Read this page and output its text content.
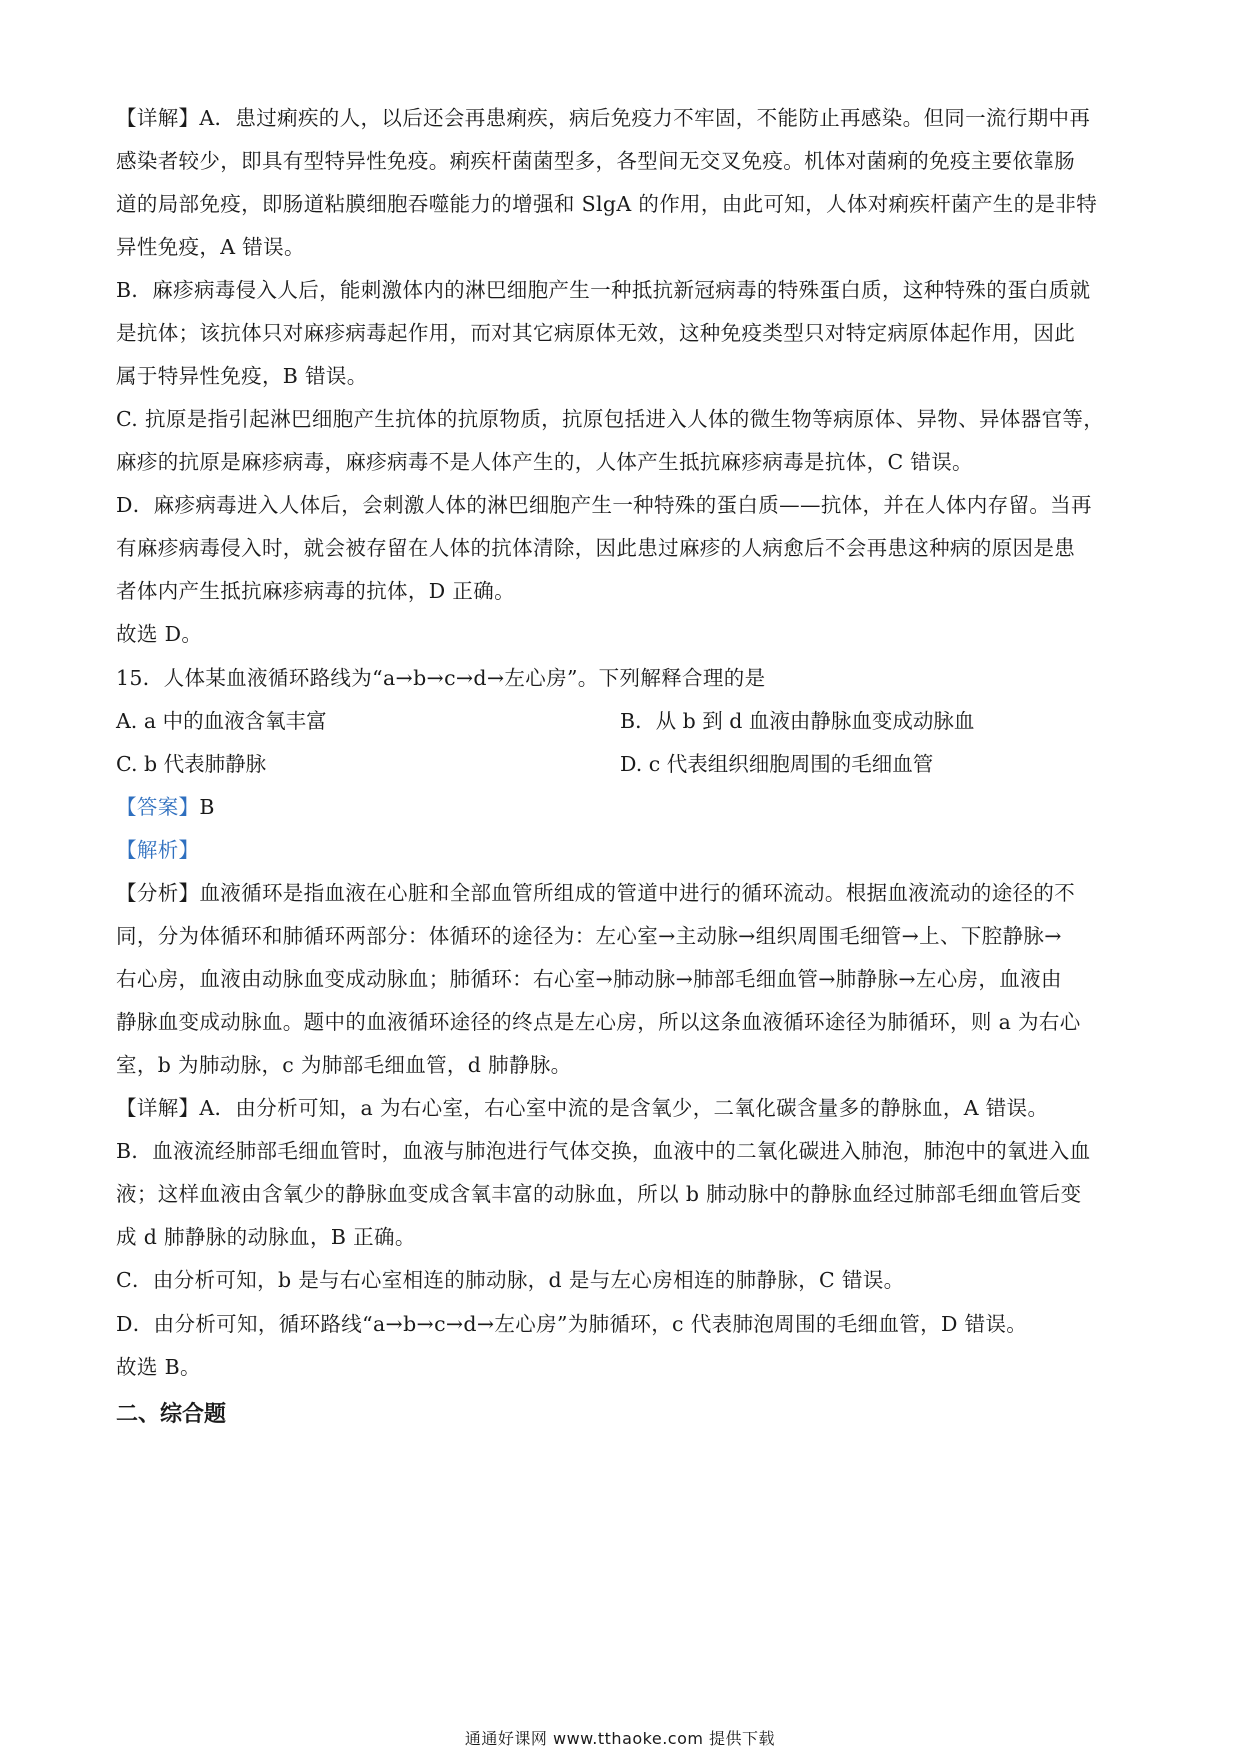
【详解】A．患过痢疾的人，以后还会再患痢疾，病后免疫力不牢固，不能防止再感染。但同一流行期中再
感染者较少，即具有型特异性免疫。痢疾杆菌菌型多，各型间无交叉免疫。机体对菌痢的免疫主要依靠肠
道的局部免疫，即肠道粘膜细胞吞噬能力的增强和 SlgA 的作用，由此可知，人体对痢疾杆菌产生的是非特
异性免疫，A 错误。
B．麻疹病毒侵入人后，能刺激体内的淋巴细胞产生一种抵抗新冠病毒的特殊蛋白质，这种特殊的蛋白质就
是抗体；该抗体只对麻疹病毒起作用，而对其它病原体无效，这种免疫类型只对特定病原体起作用，因此
属于特异性免疫，B 错误。
C. 抗原是指引起淋巴细胞产生抗体的抗原物质，抗原包括进入人体的微生物等病原体、异物、异体器官等，
麻疹的抗原是麻疹病毒，麻疹病毒不是人体产生的，人体产生抵抗麻疹病毒是抗体，C 错误。
D．麻疹病毒进入人体后，会刺激人体的淋巴细胞产生一种特殊的蛋白质——抗体，并在人体内存留。当再
有麻疹病毒侵入时，就会被存留在人体的抗体清除，因此患过麻疹的人病愈后不会再患这种病的原因是患
者体内产生抵抗麻疹病毒的抗体，D 正确。
故选 D。
15．人体某血液循环路线为“a→b→c→d→左心房”。下列解释合理的是
A. a 中的血液含氧丰富	B．从 b 到 d 血液由静脉血变成动脉血
C. b 代表肺静脉	D. c 代表组织细胞周围的毛细血管
【答案】B
【解析】
【分析】血液循环是指血液在心脏和全部血管所组成的管道中进行的循环流动。根据血液流动的途径的不
同，分为体循环和肺循环两部分：体循环的途径为：左心室→主动脉→组织周围毛细管→上、下腔静脉→
右心房，血液由动脉血变成动脉血；肺循环：右心室→肺动脉→肺部毛细血管→肺静脉→左心房，血液由
静脉血变成动脉血。题中的血液循环途径的终点是左心房，所以这条血液循环途径为肺循环，则 a 为右心
室，b 为肺动脉，c 为肺部毛细血管，d 肺静脉。
【详解】A．由分析可知，a 为右心室，右心室中流的是含氧少，二氧化碳含量多的静脉血，A 错误。
B．血液流经肺部毛细血管时，血液与肺泡进行气体交换，血液中的二氧化碳进入肺泡，肺泡中的氧进入血
液；这样血液由含氧少的静脉血变成含氧丰富的动脉血，所以 b 肺动脉中的静脉血经过肺部毛细血管后变
成 d 肺静脉的动脉血，B 正确。
C．由分析可知，b 是与右心室相连的肺动脉，d 是与左心房相连的肺静脉，C 错误。
D．由分析可知，循环路线“a→b→c→d→左心房”为肺循环，c 代表肺泡周围的毛细血管，D 错误。
故选 B。
二、综合题
通通好课网 www.tthaoke.com 提供下载
